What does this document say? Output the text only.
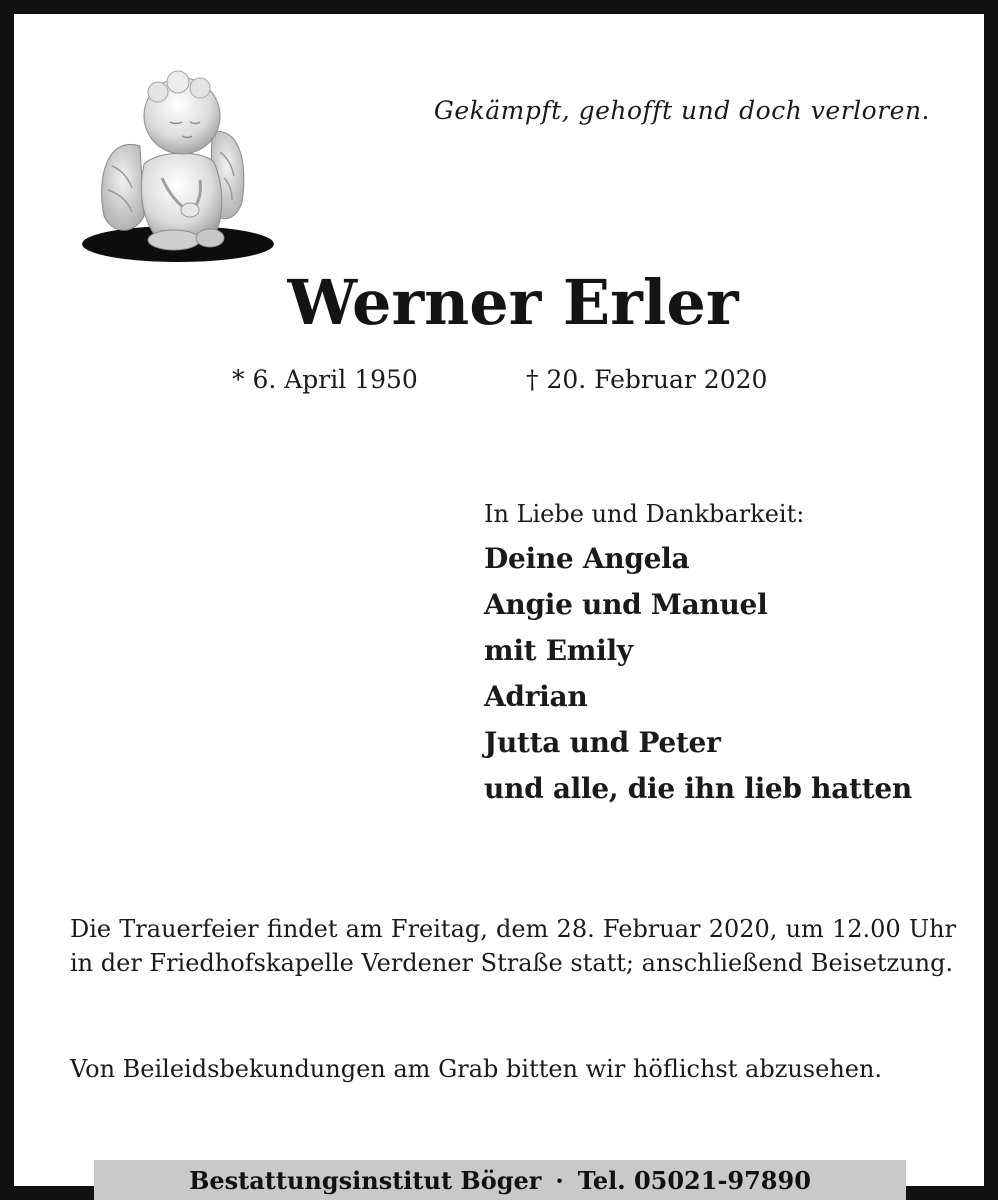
Gekämpft, gehofft und doch verloren.
Werner Erler
* 6. April 1950	† 20. Februar 2020
In Liebe und Dankbarkeit:
Deine Angela
Angie und Manuel
mit Emily
Adrian
Jutta und Peter
und alle, die ihn lieb hatten
Die Trauerfeier findet am Freitag, dem 28. Februar 2020, um 12.00 Uhr in der Friedhofskapelle Verdener Straße statt; anschließend Beisetzung.
Von Beileidsbekundungen am Grab bitten wir höflichst abzusehen.
Bestattungsinstitut Böger · Tel. 05021-97890
